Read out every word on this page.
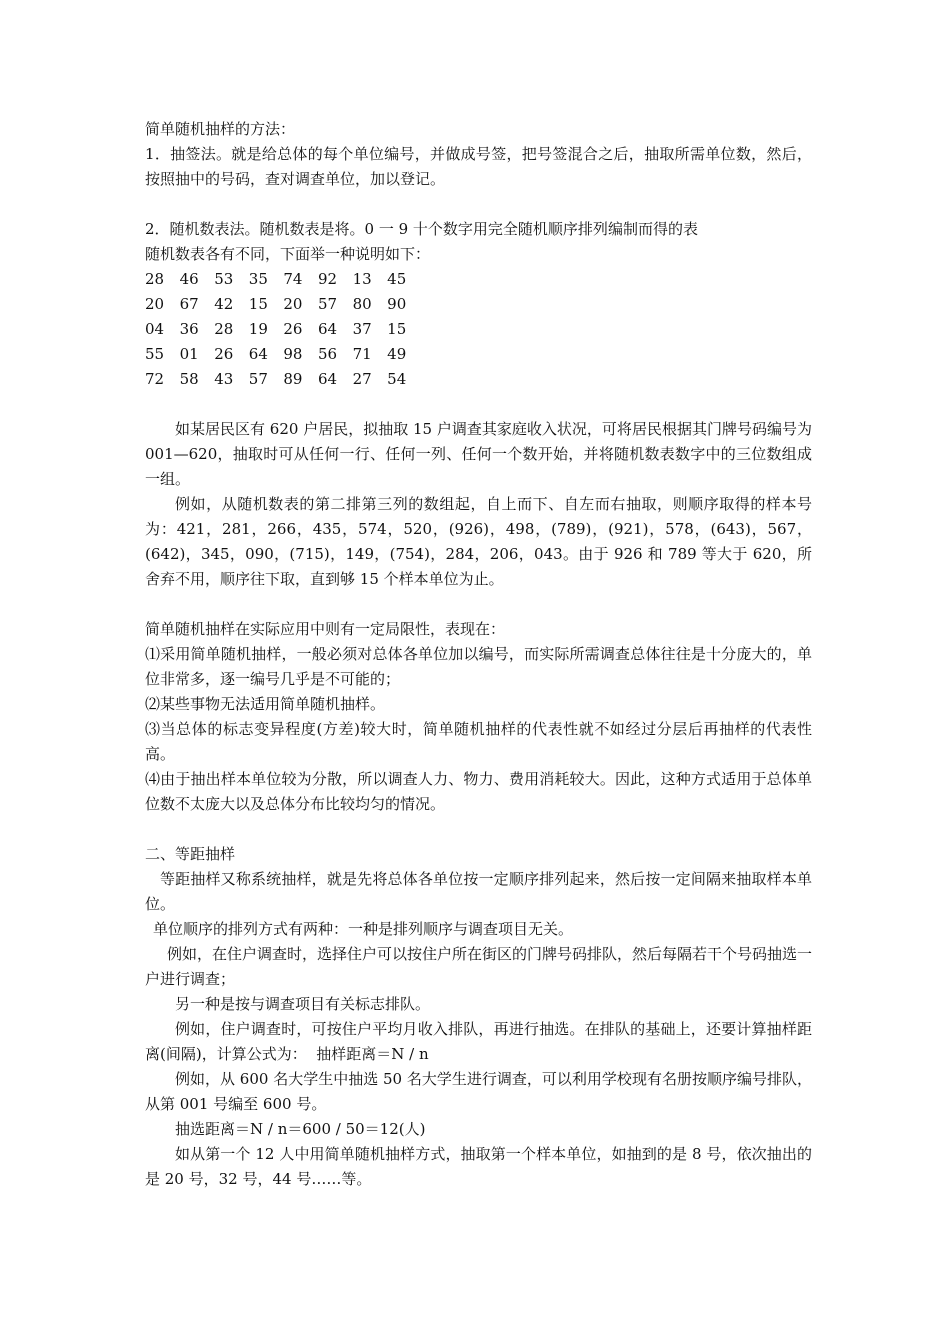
简单随机抽样的方法：

1．抽签法。就是给总体的每个单位编号，并做成号签，把号签混合之后，抽取所需单位数，然后，按照抽中的号码，查对调查单位，加以登记。

2．随机数表法。随机数表是将。0 一 9 十个数字用完全随机顺序排列编制而得的表

随机数表各有不同，下面举一种说明如下：

28	46	53	35	74	92	13	45
20	67	42	15	20	57	80	90
04	36	28	19	26	64	37	15
55	01	26	64	98	56	71	49
72	58	43	57	89	64	27	54

如某居民区有 620 户居民，拟抽取 15 户调查其家庭收入状况，可将居民根据其门牌号码编号为 001—620，抽取时可从任何一行、任何一列、任何一个数开始，并将随机数表数字中的三位数组成一组。

例如，从随机数表的第二排第三列的数组起，自上而下、自左而右抽取，则顺序取得的样本号为：421，281，266，435，574，520，(926)，498，(789)，(921)，578，(643)，567，(642)，345，090，(715)，149，(754)，284，206，043。由于 926 和 789 等大于 620，所舍弃不用，顺序往下取，直到够 15 个样本单位为止。

简单随机抽样在实际应用中则有一定局限性，表现在：

⑴采用简单随机抽样，一般必须对总体各单位加以编号，而实际所需调查总体往往是十分庞大的，单位非常多，逐一编号几乎是不可能的；

⑵某些事物无法适用简单随机抽样。

⑶当总体的标志变异程度(方差)较大时，简单随机抽样的代表性就不如经过分层后再抽样的代表性高。

⑷由于抽出样本单位较为分散，所以调查人力、物力、费用消耗较大。因此，这种方式适用于总体单位数不太庞大以及总体分布比较均匀的情况。

二、等距抽样

等距抽样又称系统抽样，就是先将总体各单位按一定顺序排列起来，然后按一定间隔来抽取样本单位。

单位顺序的排列方式有两种：一种是排列顺序与调查项目无关。

例如，在住户调查时，选择住户可以按住户所在街区的门牌号码排队，然后每隔若干个号码抽选一户进行调查；

另一种是按与调查项目有关标志排队。

例如，住户调查时，可按住户平均月收入排队，再进行抽选。在排队的基础上，还要计算抽样距离(间隔)，计算公式为：  抽样距离＝N / n

例如，从 600 名大学生中抽选 50 名大学生进行调查，可以利用学校现有名册按顺序编号排队，从第 001 号编至 600 号。

抽选距离＝N / n＝600 / 50＝12(人)

如从第一个 12 人中用简单随机抽样方式，抽取第一个样本单位，如抽到的是 8 号，依次抽出的是 20 号，32 号，44 号……等。
